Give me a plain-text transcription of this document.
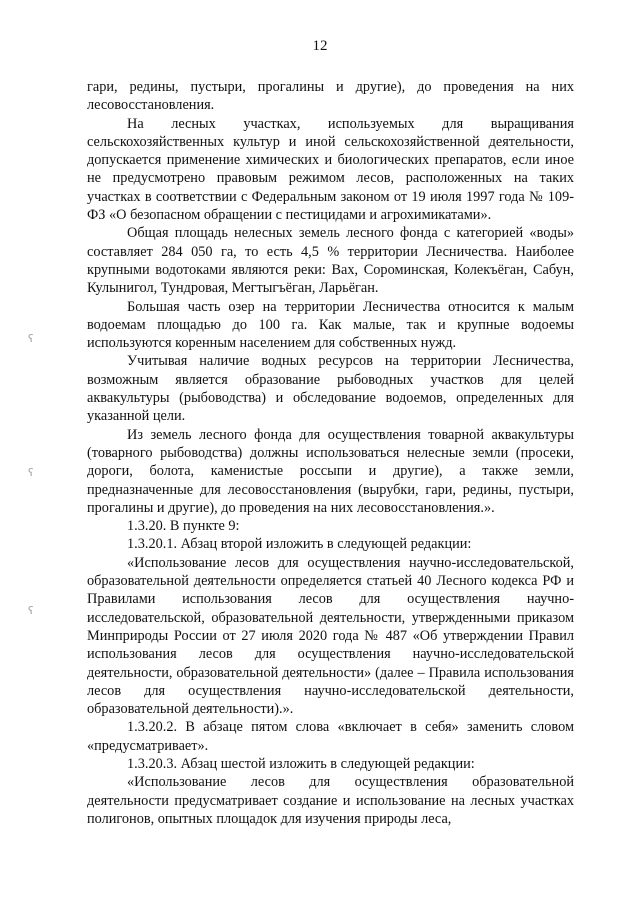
12
ʕ
ʕ
ʕ

гари, редины, пустыри, прогалины и другие), до проведения на них лесовосстановления.

На лесных участках, используемых для выращивания сельскохозяйственных культур и иной сельскохозяйственной деятельности, допускается применение химических и биологических препаратов, если иное не предусмотрено правовым режимом лесов, расположенных на таких участках в соответствии с Федеральным законом от 19 июля 1997 года № 109-ФЗ «О безопасном обращении с пестицидами и агрохимикатами».

Общая площадь нелесных земель лесного фонда с категорией «воды» составляет 284 050 га, то есть 4,5 % территории Лесничества. Наиболее крупными водотоками являются реки: Вах, Сороминская, Колекъёган, Сабун, Кулынигол, Тундровая, Мегтыгъёган, Ларьёган.

Большая часть озер на территории Лесничества относится к малым водоемам площадью до 100 га. Как малые, так и крупные водоемы используются коренным населением для собственных нужд.

Учитывая наличие водных ресурсов на территории Лесничества, возможным является образование рыбоводных участков для целей аквакультуры (рыбоводства) и обследование водоемов, определенных для указанной цели.

Из земель лесного фонда для осуществления товарной аквакультуры (товарного рыбоводства) должны использоваться нелесные земли (просеки, дороги, болота, каменистые россыпи и другие), а также земли, предназначенные для лесовосстановления (вырубки, гари, редины, пустыри, прогалины и другие), до проведения на них лесовосстановления.».

1.3.20. В пункте 9:

1.3.20.1. Абзац второй изложить в следующей редакции:

«Использование лесов для осуществления научно-исследовательской, образовательной деятельности определяется статьей 40 Лесного кодекса РФ и Правилами использования лесов для осуществления научно-исследовательской, образовательной деятельности, утвержденными приказом Минприроды России от 27 июля 2020 года № 487 «Об утверждении Правил использования лесов для осуществления научно-исследовательской деятельности, образовательной деятельности» (далее – Правила использования лесов для осуществления научно-исследовательской деятельности, образовательной деятельности).».

1.3.20.2. В абзаце пятом слова «включает в себя» заменить словом «предусматривает».

1.3.20.3. Абзац шестой изложить в следующей редакции:

«Использование лесов для осуществления образовательной деятельности предусматривает создание и использование на лесных участках полигонов, опытных площадок для изучения природы леса,
